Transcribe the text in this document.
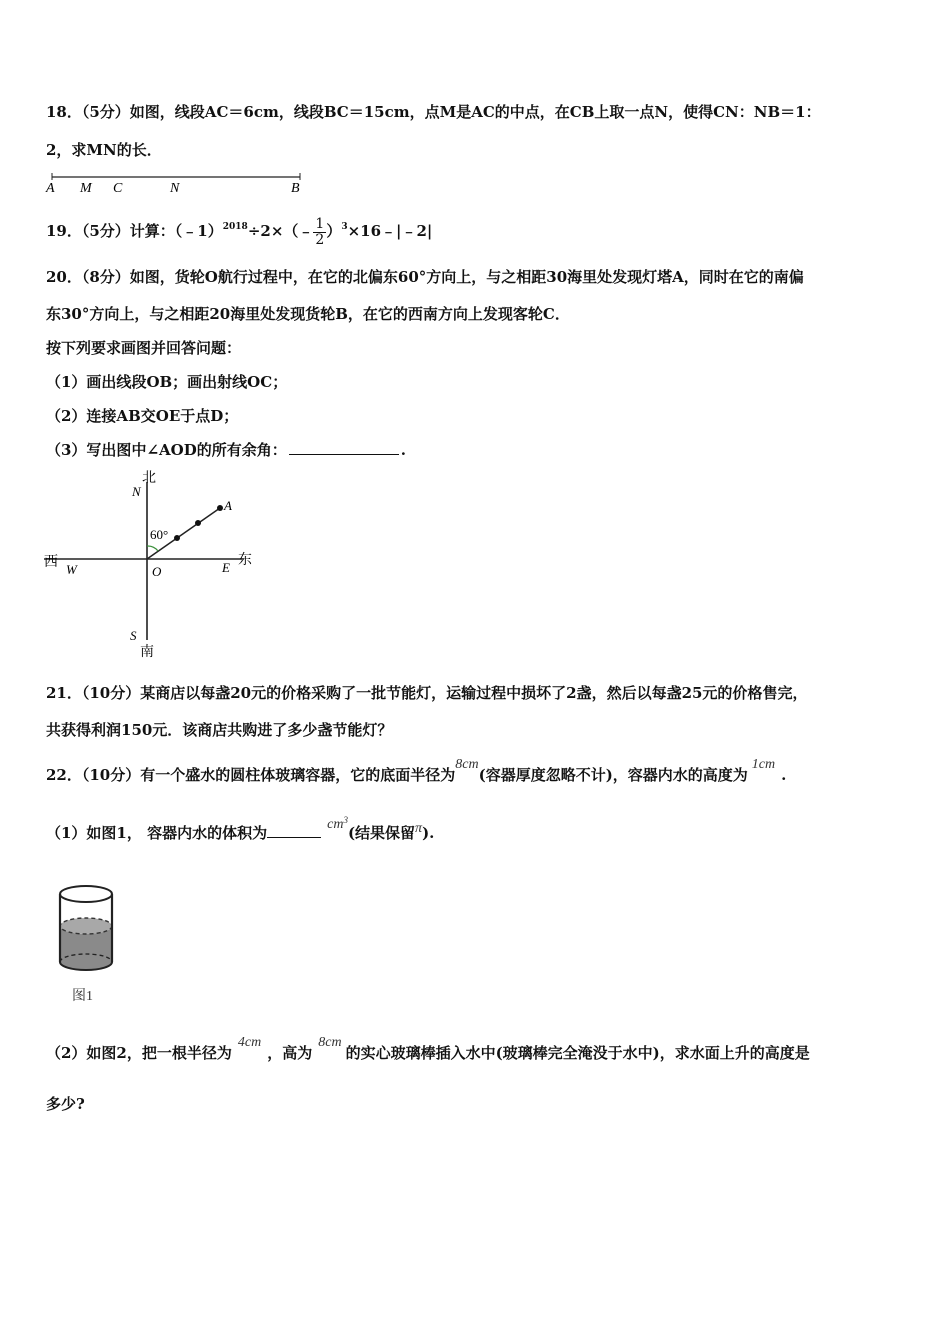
18．（5分）如图，线段AC＝6cm，线段BC＝15cm，点M是AC的中点，在CB上取一点N，使得CN：NB＝1：
2，求MN的长．
A M C	N	B
19．（5分）计算：（﹣1）$^{2018}$÷2×（﹣ $\frac{1}{2}$ ）$^3$×16﹣|﹣2|
20．（8分）如图，货轮O航行过程中，在它的北偏东60°方向上，与之相距30海里处发现灯塔A，同时在它的南偏
东30°方向上，与之相距20海里处发现货轮B，在它的西南方向上发现客轮C．
按下列要求画图并回答问题：
（1）画出线段OB；画出射线OC；
（2）连接AB交OE于点D；
（3）写出图中∠AOD的所有余角：	.
北
N
A
60°
西 W	O	E 东
S
南
21．（10分）某商店以每盏20元的价格采购了一批节能灯，运输过程中损坏了2盏，然后以每盏25元的价格售完，
共获得利润150元．该商店共购进了多少盏节能灯？
22．（10分）有一个盛水的圆柱体玻璃容器，它的底面半径为8cm(容器厚度忽略不计)，容器内水的高度为1cm.
（1）如图1， 容器内水的体积为	$cm^3$(结果保留π).
图1
（2）如图2，把一根半径为4cm，高为8cm的实心玻璃棒插入水中(玻璃棒完全淹没于水中)，求水面上升的高度是
多少?
